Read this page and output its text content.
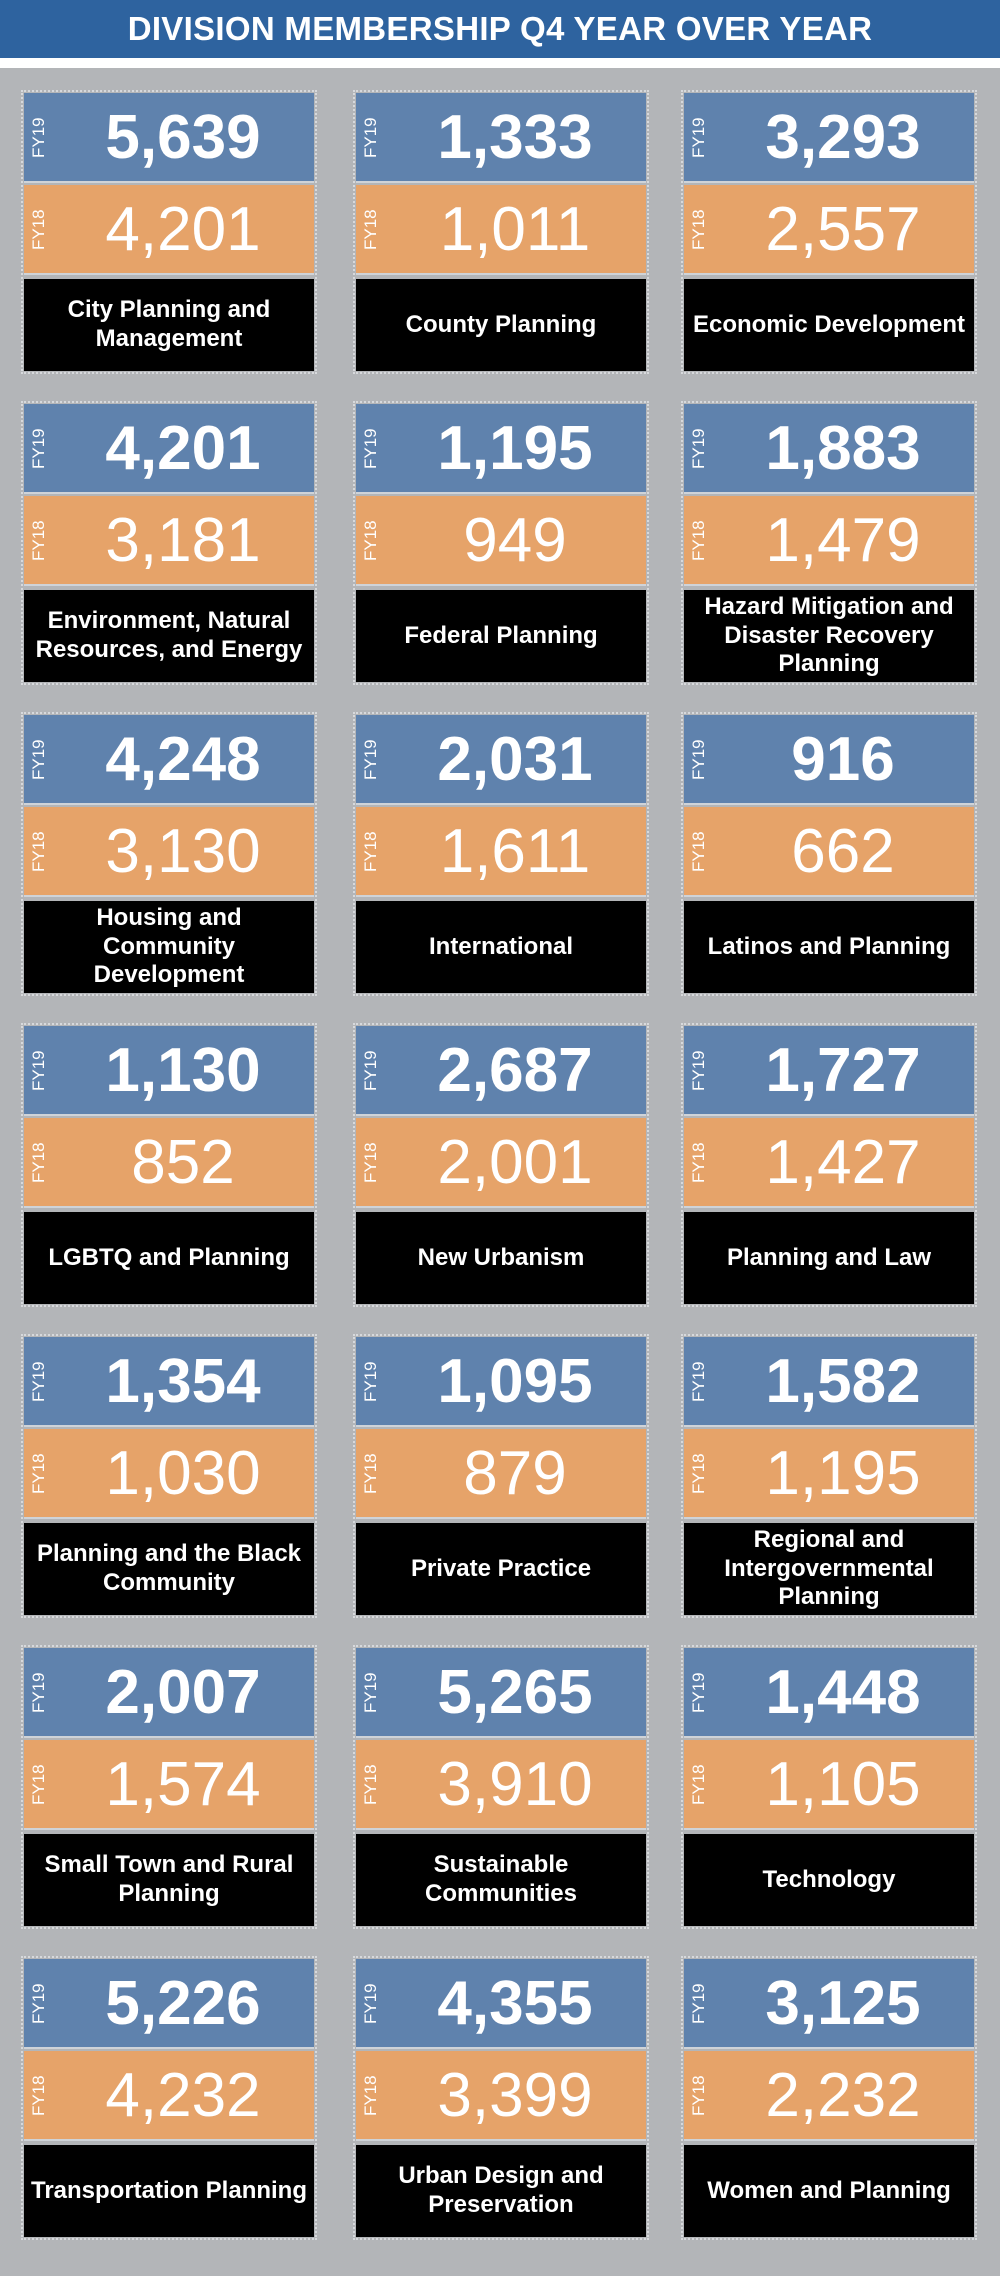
DIVISION MEMBERSHIP Q4 YEAR OVER YEAR
FY19 5,639
FY18 4,201
City Planning and Management
FY19 1,333
FY18 1,011
County Planning
FY19 3,293
FY18 2,557
Economic Development
FY19 4,201
FY18 3,181
Environment, Natural Resources, and Energy
FY19 1,195
FY18	949
Federal Planning
FY19 1,883
FY18 1,479
Hazard Mitigation and Disaster Recovery Planning
FY19 4,248
FY18 3,130
Housing and Community Development
FY19 2,031
FY18 1,611
International
FY19	916
FY18	662
Latinos and Planning
FY19 1,130
FY18	852
LGBTQ and Planning
FY19 2,687
FY18 2,001
New Urbanism
FY19 1,727
FY18 1,427
Planning and Law
FY19 1,354
FY18 1,030
Planning and the Black Community
FY19 1,095
FY18	879
Private Practice
FY19 1,582
FY18 1,195
Regional and Intergovernmental Planning
FY19 2,007
FY18 1,574
Small Town and Rural Planning
FY19 5,265
FY18 3,910
Sustainable Communities
FY19 1,448
FY18 1,105
Technology
FY19 5,226
FY18 4,232
Transportation Planning
FY19 4,355
FY18 3,399
Urban Design and Preservation
FY19 3,125
FY18 2,232
Women and Planning
